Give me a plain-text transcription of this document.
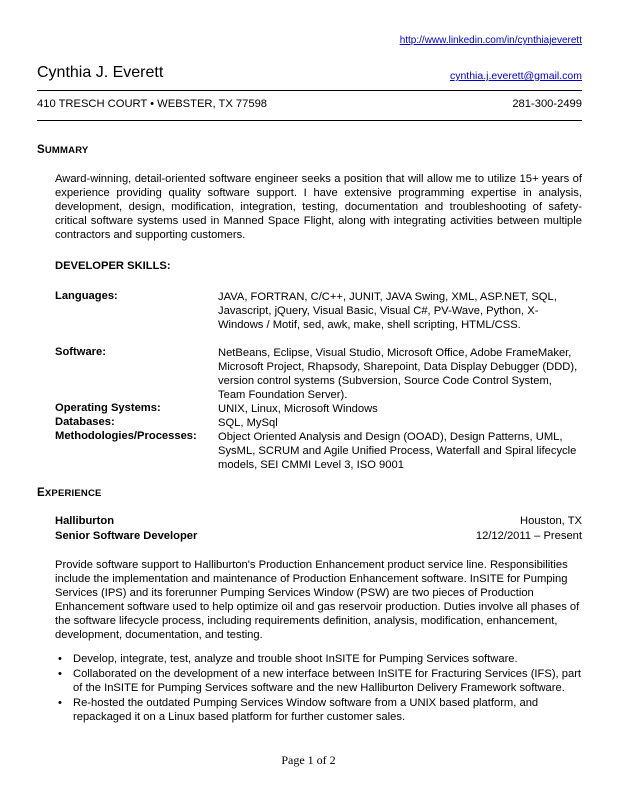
http://www.linkedin.com/in/cynthiajeverett
Cynthia J. Everett	cynthia.j.everett@gmail.com
410 TRESCH COURT • WEBSTER, TX 77598	281-300-2499
SUMMARY
Award-winning, detail-oriented software engineer seeks a position that will allow me to utilize 15+ years of experience providing quality software support. I have extensive programming expertise in analysis, development, design, modification, integration, testing, documentation and troubleshooting of safety-critical software systems used in Manned Space Flight, along with integrating activities between multiple contractors and supporting customers.
DEVELOPER SKILLS:
Languages:	JAVA, FORTRAN, C/C++, JUNIT, JAVA Swing, XML, ASP.NET, SQL, Javascript, jQuery, Visual Basic, Visual C#, PV-Wave, Python, X-Windows / Motif, sed, awk, make, shell scripting, HTML/CSS.
Software:	NetBeans, Eclipse, Visual Studio, Microsoft Office, Adobe FrameMaker, Microsoft Project, Rhapsody, Sharepoint, Data Display Debugger (DDD), version control systems (Subversion, Source Code Control System, Team Foundation Server).
Operating Systems:	UNIX, Linux, Microsoft Windows
Databases:	SQL, MySql
Methodologies/Processes: Object Oriented Analysis and Design (OOAD), Design Patterns, UML, SysML, SCRUM and Agile Unified Process, Waterfall and Spiral lifecycle models, SEI CMMI Level 3, ISO 9001
EXPERIENCE
Halliburton	Houston, TX
Senior Software Developer	12/12/2011 – Present
Provide software support to Halliburton's Production Enhancement product service line. Responsibilities include the implementation and maintenance of Production Enhancement software. InSITE for Pumping Services (IPS) and its forerunner Pumping Services Window (PSW) are two pieces of Production Enhancement software used to help optimize oil and gas reservoir production. Duties involve all phases of the software lifecycle process, including requirements definition, analysis, modification, enhancement, development, documentation, and testing.
• Develop, integrate, test, analyze and trouble shoot InSITE for Pumping Services software.
• Collaborated on the development of a new interface between InSITE for Fracturing Services (IFS), part of the InSITE for Pumping Services software and the new Halliburton Delivery Framework software.
• Re-hosted the outdated Pumping Services Window software from a UNIX based platform, and repackaged it on a Linux based platform for further customer sales.
Page 1 of 2
